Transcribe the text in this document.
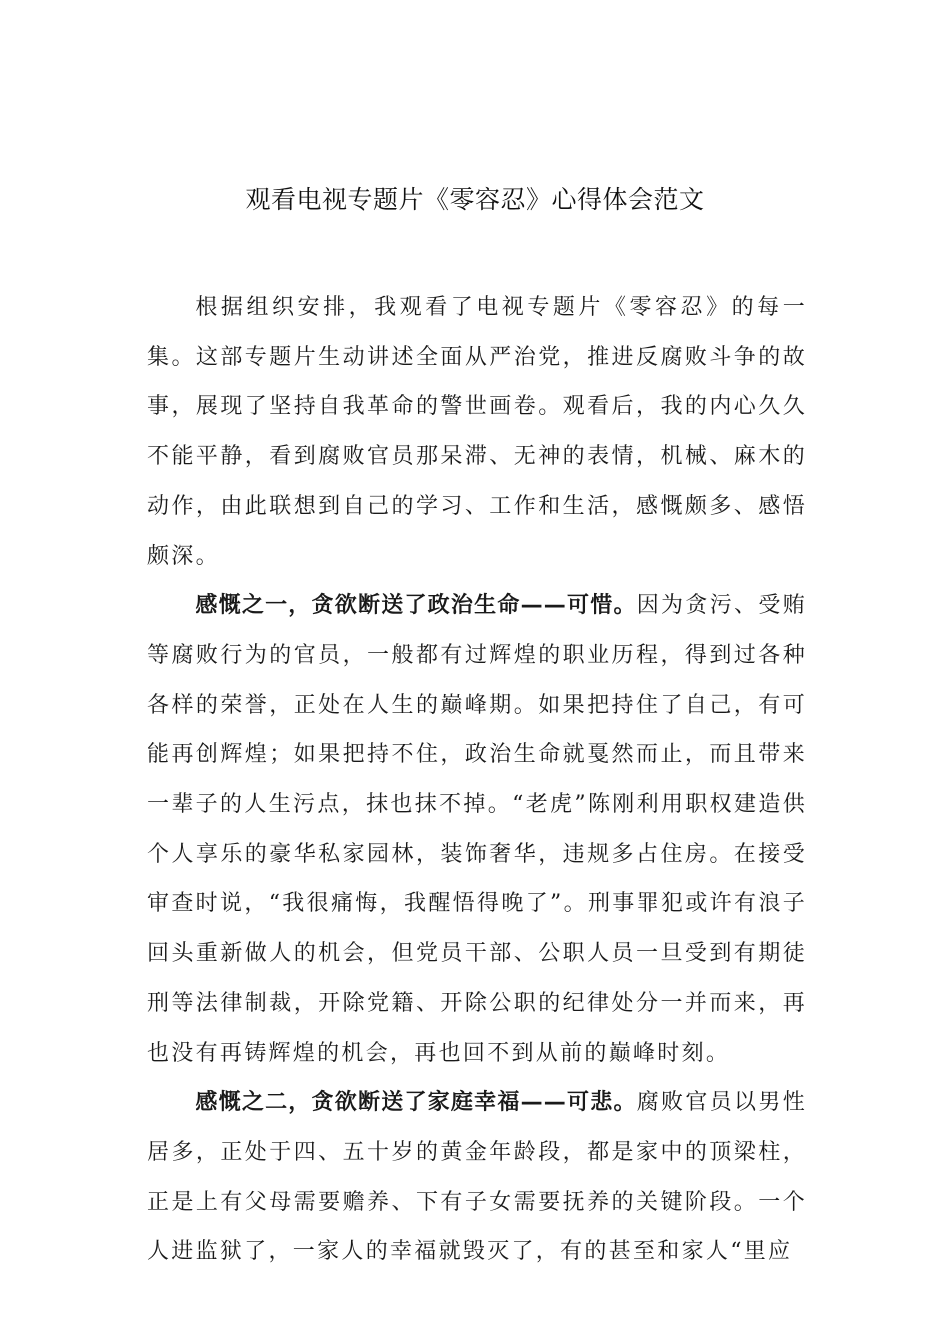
观看电视专题片《零容忍》心得体会范文

根据组织安排，我观看了电视专题片《零容忍》的每一集。这部专题片生动讲述全面从严治党，推进反腐败斗争的故事，展现了坚持自我革命的警世画卷。观看后，我的内心久久不能平静，看到腐败官员那呆滞、无神的表情，机械、麻木的动作，由此联想到自己的学习、工作和生活，感慨颇多、感悟颇深。

感慨之一，贪欲断送了政治生命——可惜。因为贪污、受贿等腐败行为的官员，一般都有过辉煌的职业历程，得到过各种各样的荣誉，正处在人生的巅峰期。如果把持住了自己，有可能再创辉煌；如果把持不住，政治生命就戛然而止，而且带来一辈子的人生污点，抹也抹不掉。“老虎”陈刚利用职权建造供个人享乐的豪华私家园林，装饰奢华，违规多占住房。在接受审查时说，“我很痛悔，我醒悟得晚了”。刑事罪犯或许有浪子回头重新做人的机会，但党员干部、公职人员一旦受到有期徒刑等法律制裁，开除党籍、开除公职的纪律处分一并而来，再也没有再铸辉煌的机会，再也回不到从前的巅峰时刻。

感慨之二，贪欲断送了家庭幸福——可悲。腐败官员以男性居多，正处于四、五十岁的黄金年龄段，都是家中的顶梁柱，正是上有父母需要赡养、下有子女需要抚养的关键阶段。一个人进监狱了，一家人的幸福就毁灭了，有的甚至和家人“里应
